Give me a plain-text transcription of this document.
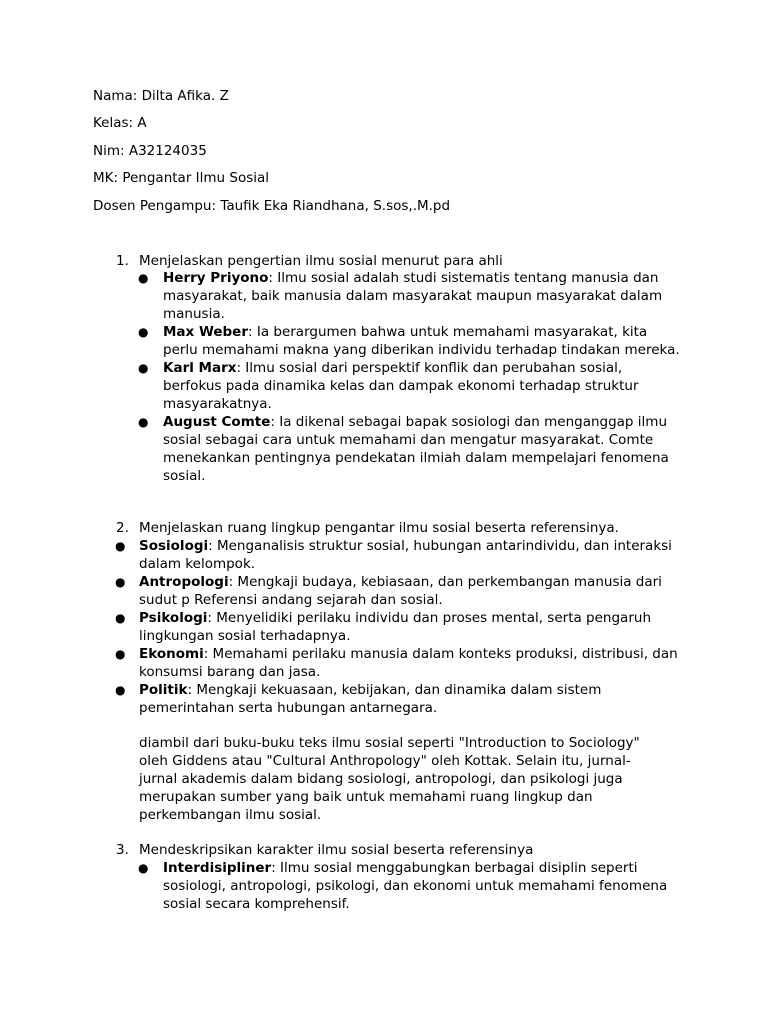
Nama: Dilta Afika. Z

Kelas: A

Nim: A32124035

MK: Pengantar Ilmu Sosial

Dosen Pengampu: Taufik Eka Riandhana, S.sos,.M.pd

1. Menjelaskan pengertian ilmu sosial menurut para ahli
● Herry Priyono: Ilmu sosial adalah studi sistematis tentang manusia dan masyarakat, baik manusia dalam masyarakat maupun masyarakat dalam manusia.
● Max Weber: Ia berargumen bahwa untuk memahami masyarakat, kita perlu memahami makna yang diberikan individu terhadap tindakan mereka.
● Karl Marx: Ilmu sosial dari perspektif konflik dan perubahan sosial, berfokus pada dinamika kelas dan dampak ekonomi terhadap struktur masyarakatnya.
● August Comte: Ia dikenal sebagai bapak sosiologi dan menganggap ilmu sosial sebagai cara untuk memahami dan mengatur masyarakat. Comte menekankan pentingnya pendekatan ilmiah dalam mempelajari fenomena sosial.
2. Menjelaskan ruang lingkup pengantar ilmu sosial beserta referensinya.
● Sosiologi: Menganalisis struktur sosial, hubungan antarindividu, dan interaksi dalam kelompok.
● Antropologi: Mengkaji budaya, kebiasaan, dan perkembangan manusia dari sudut p Referensi andang sejarah dan sosial.
● Psikologi: Menyelidiki perilaku individu dan proses mental, serta pengaruh lingkungan sosial terhadapnya.
● Ekonomi: Memahami perilaku manusia dalam konteks produksi, distribusi, dan konsumsi barang dan jasa.
● Politik: Mengkaji kekuasaan, kebijakan, dan dinamika dalam sistem pemerintahan serta hubungan antarnegara.

diambil dari buku-buku teks ilmu sosial seperti "Introduction to Sociology" oleh Giddens atau "Cultural Anthropology" oleh Kottak. Selain itu, jurnal-jurnal akademis dalam bidang sosiologi, antropologi, dan psikologi juga merupakan sumber yang baik untuk memahami ruang lingkup dan perkembangan ilmu sosial.

3. Mendeskripsikan karakter ilmu sosial beserta referensinya
● Interdisipliner: Ilmu sosial menggabungkan berbagai disiplin seperti sosiologi, antropologi, psikologi, dan ekonomi untuk memahami fenomena sosial secara komprehensif.
